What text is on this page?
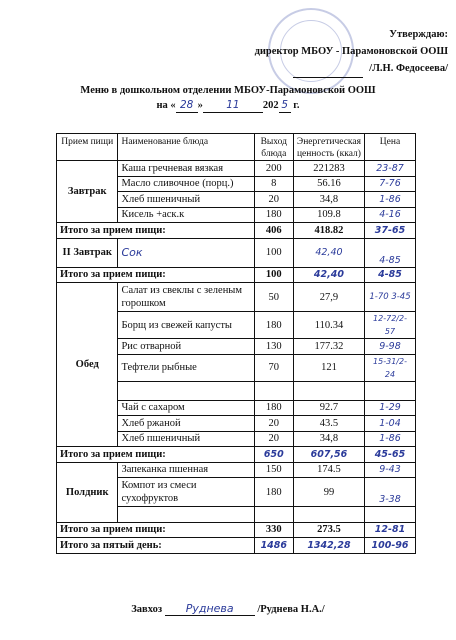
Утверждаю:
директор МБОУ - Парамоновской ООШ
/Л.Н. Федосеева/
Меню в дошкольном отделении МБОУ-Парамоновской ООШ
на « 28 » 11 202 5 г.
Прием пищи	Наименование блюда	Выход блюда	Энергетическая ценность (ккал)	Цена
Завтрак	Каша гречневая вязкая	200	221283	23-87
	Масло сливочное (порц.)	8	56.16	7-76
	Хлеб пшеничный	20	34,8	1-86
	Кисель +аск.к	180	109.8	4-16
Итого за прием пищи:		406	418.82	37-65
II Завтрак	Сок	100	42,40	4-85
Итого за прием пищи:		100	42,40	4-85
Обед	Салат из свеклы с зеленым горошком	50	27,9	1-70 3-45
	Борщ из свежей капусты	180	110.34	12-72/2-57
	Рис отварной	130	177.32	9-98
	Тефтели рыбные	70	121	15-31/2-24

	Чай с сахаром	180	92.7	1-29
	Хлеб ржаной	20	43.5	1-04
	Хлеб пшеничный	20	34,8	1-86
Итого за прием пищи:		650	607,56	45-65
Полдник	Запеканка пшенная	150	174.5	9-43
	Компот из смеси сухофруктов	180	99	3-38

Итого за прием пищи:		330	273.5	12-81
Итого за пятый день:		1486	1342,28	100-96
Завхоз Руднева /Руднева Н.А./
